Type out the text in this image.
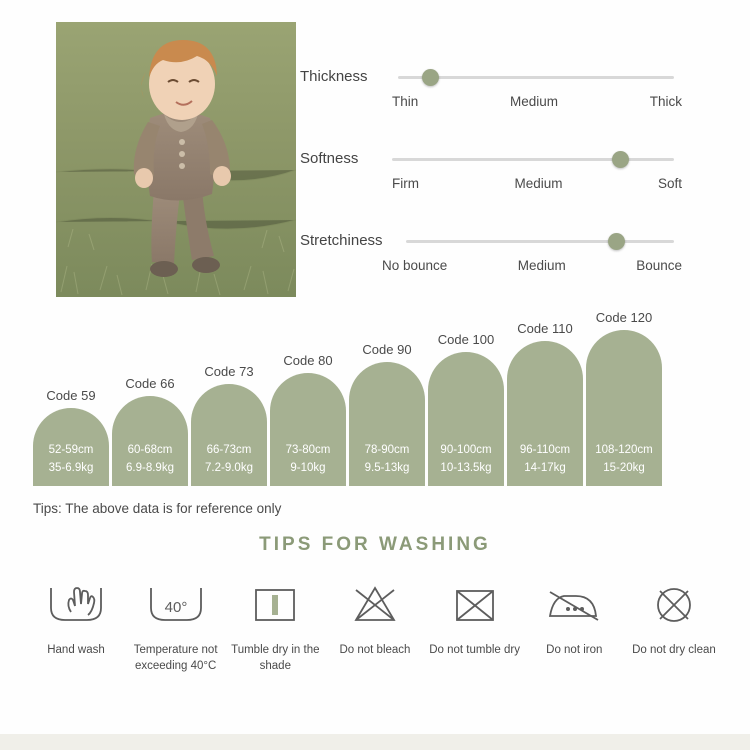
Thickness
Thin	Medium	Thick
Softness
Firm	Medium	Soft
Stretchiness
No bounce	Medium	Bounce
Code 59
52-59cm
35-6.9kg
Code 66
60-68cm
6.9-8.9kg
Code 73
66-73cm
7.2-9.0kg
Code 80
73-80cm
9-10kg
Code 90
78-90cm
9.5-13kg
Code 100
90-100cm
10-13.5kg
Code 110
96-110cm
14-17kg
Code 120
108-120cm
15-20kg
Tips: The above data is for reference only
TIPS FOR WASHING
Hand wash
40°
Temperature not exceeding 40°C
Tumble dry in the shade
Do not bleach Do not tumble dry Do not iron	Do not dry clean
